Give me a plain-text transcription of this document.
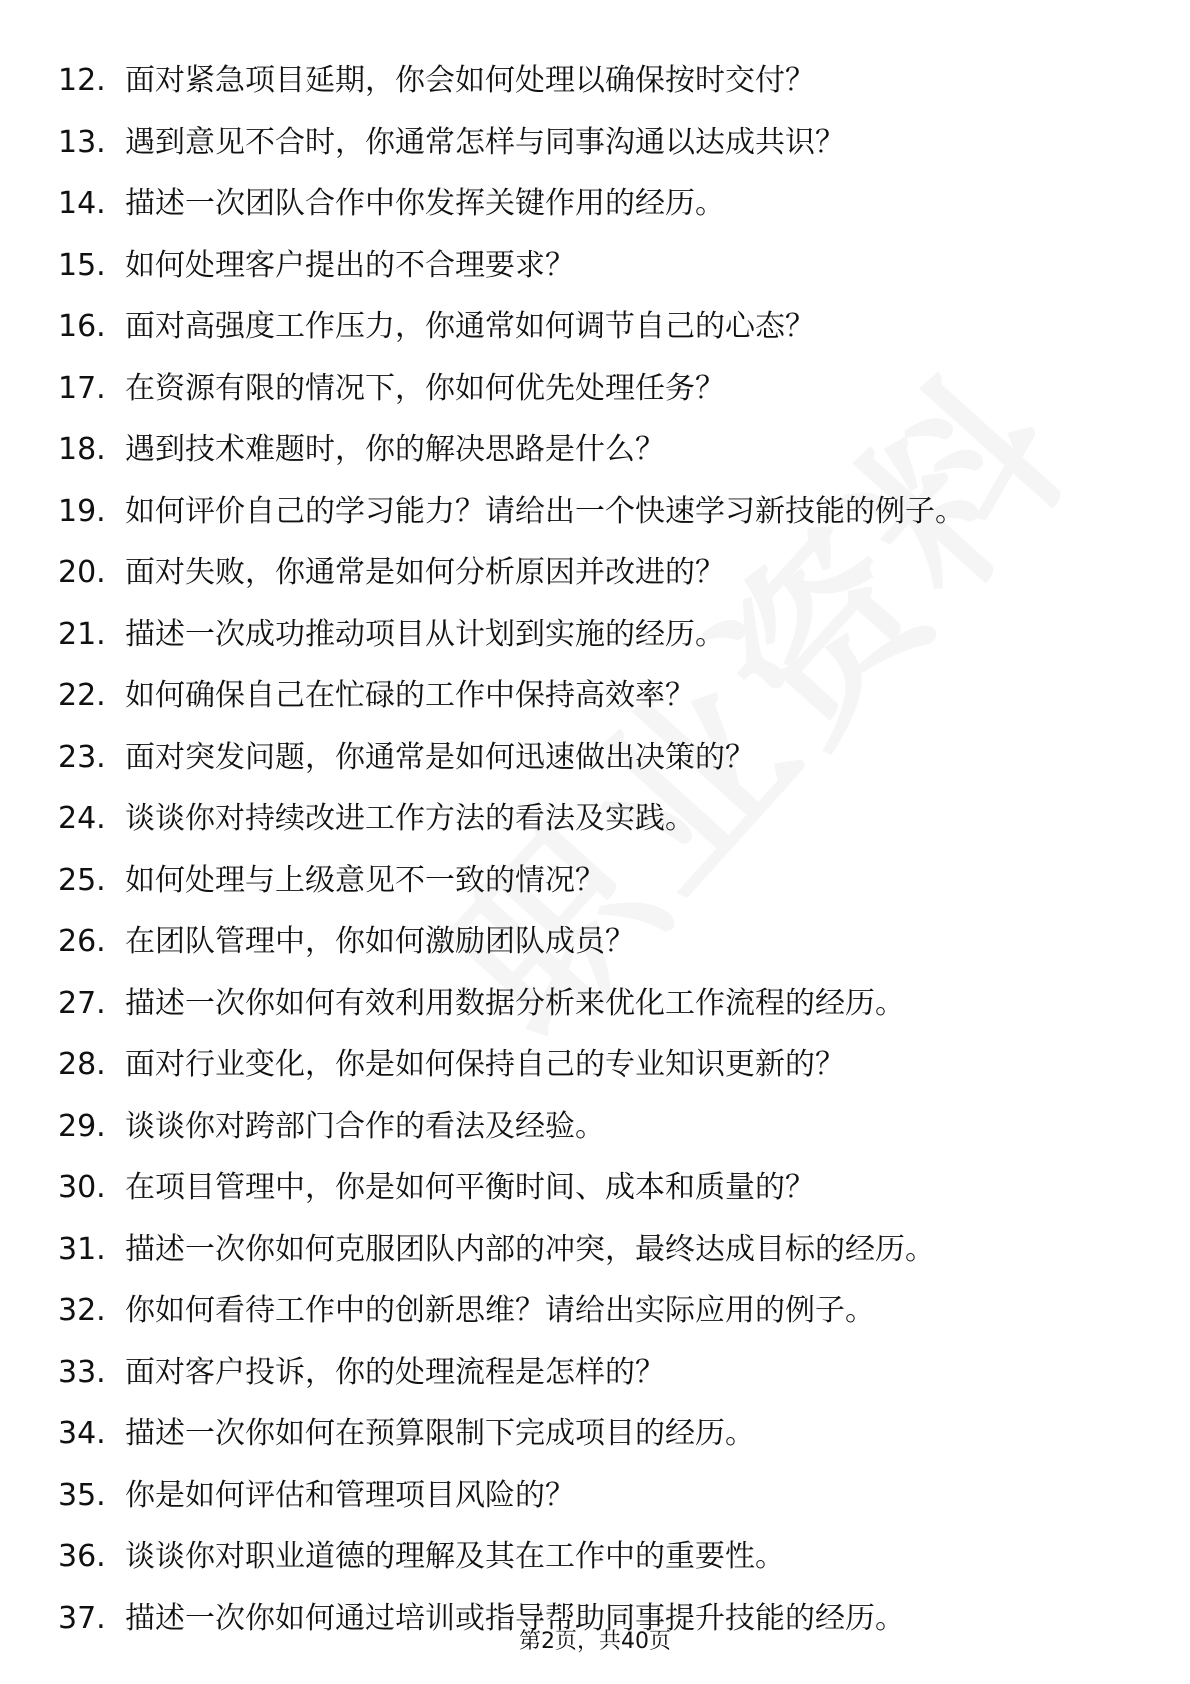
12. 面对紧急项目延期，你会如何处理以确保按时交付？
13. 遇到意见不合时，你通常怎样与同事沟通以达成共识？
14. 描述一次团队合作中你发挥关键作用的经历。
15. 如何处理客户提出的不合理要求？
16. 面对高强度工作压力，你通常如何调节自己的心态？
17. 在资源有限的情况下，你如何优先处理任务？
18. 遇到技术难题时，你的解决思路是什么？
19. 如何评价自己的学习能力？请给出一个快速学习新技能的例子。
20. 面对失败，你通常是如何分析原因并改进的？
21. 描述一次成功推动项目从计划到实施的经历。
22. 如何确保自己在忙碌的工作中保持高效率？
23. 面对突发问题，你通常是如何迅速做出决策的？
24. 谈谈你对持续改进工作方法的看法及实践。
25. 如何处理与上级意见不一致的情况？
26. 在团队管理中，你如何激励团队成员？
27. 描述一次你如何有效利用数据分析来优化工作流程的经历。
28. 面对行业变化，你是如何保持自己的专业知识更新的？
29. 谈谈你对跨部门合作的看法及经验。
30. 在项目管理中，你是如何平衡时间、成本和质量的？
31. 描述一次你如何克服团队内部的冲突，最终达成目标的经历。
32. 你如何看待工作中的创新思维？请给出实际应用的例子。
33. 面对客户投诉，你的处理流程是怎样的？
34. 描述一次你如何在预算限制下完成项目的经历。
35. 你是如何评估和管理项目风险的？
36. 谈谈你对职业道德的理解及其在工作中的重要性。
37. 描述一次你如何通过培训或指导帮助同事提升技能的经历。
第2页，共40页
